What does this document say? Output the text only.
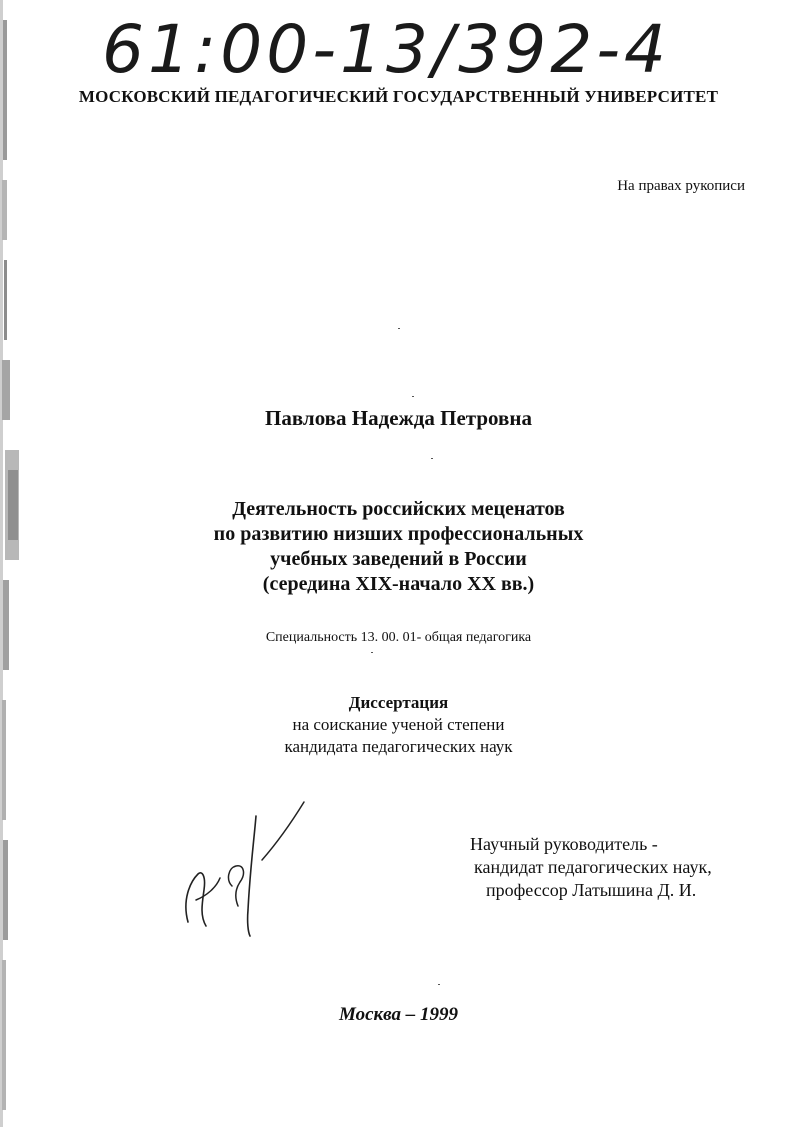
61:00-13/392-4
МОСКОВСКИЙ ПЕДАГОГИЧЕСКИЙ ГОСУДАРСТВЕННЫЙ УНИВЕРСИТЕТ
На правах рукописи
Павлова Надежда Петровна
Деятельность российских меценатов
по развитию низших профессиональных
учебных заведений в России
(середина XIX-начало XX вв.)
Специальность 13. 00. 01- общая педагогика
Диссертация
на соискание ученой степени
кандидата педагогических наук
Научный руководитель -
кандидат педагогических наук,
профессор Латышина Д. И.
Москва – 1999
